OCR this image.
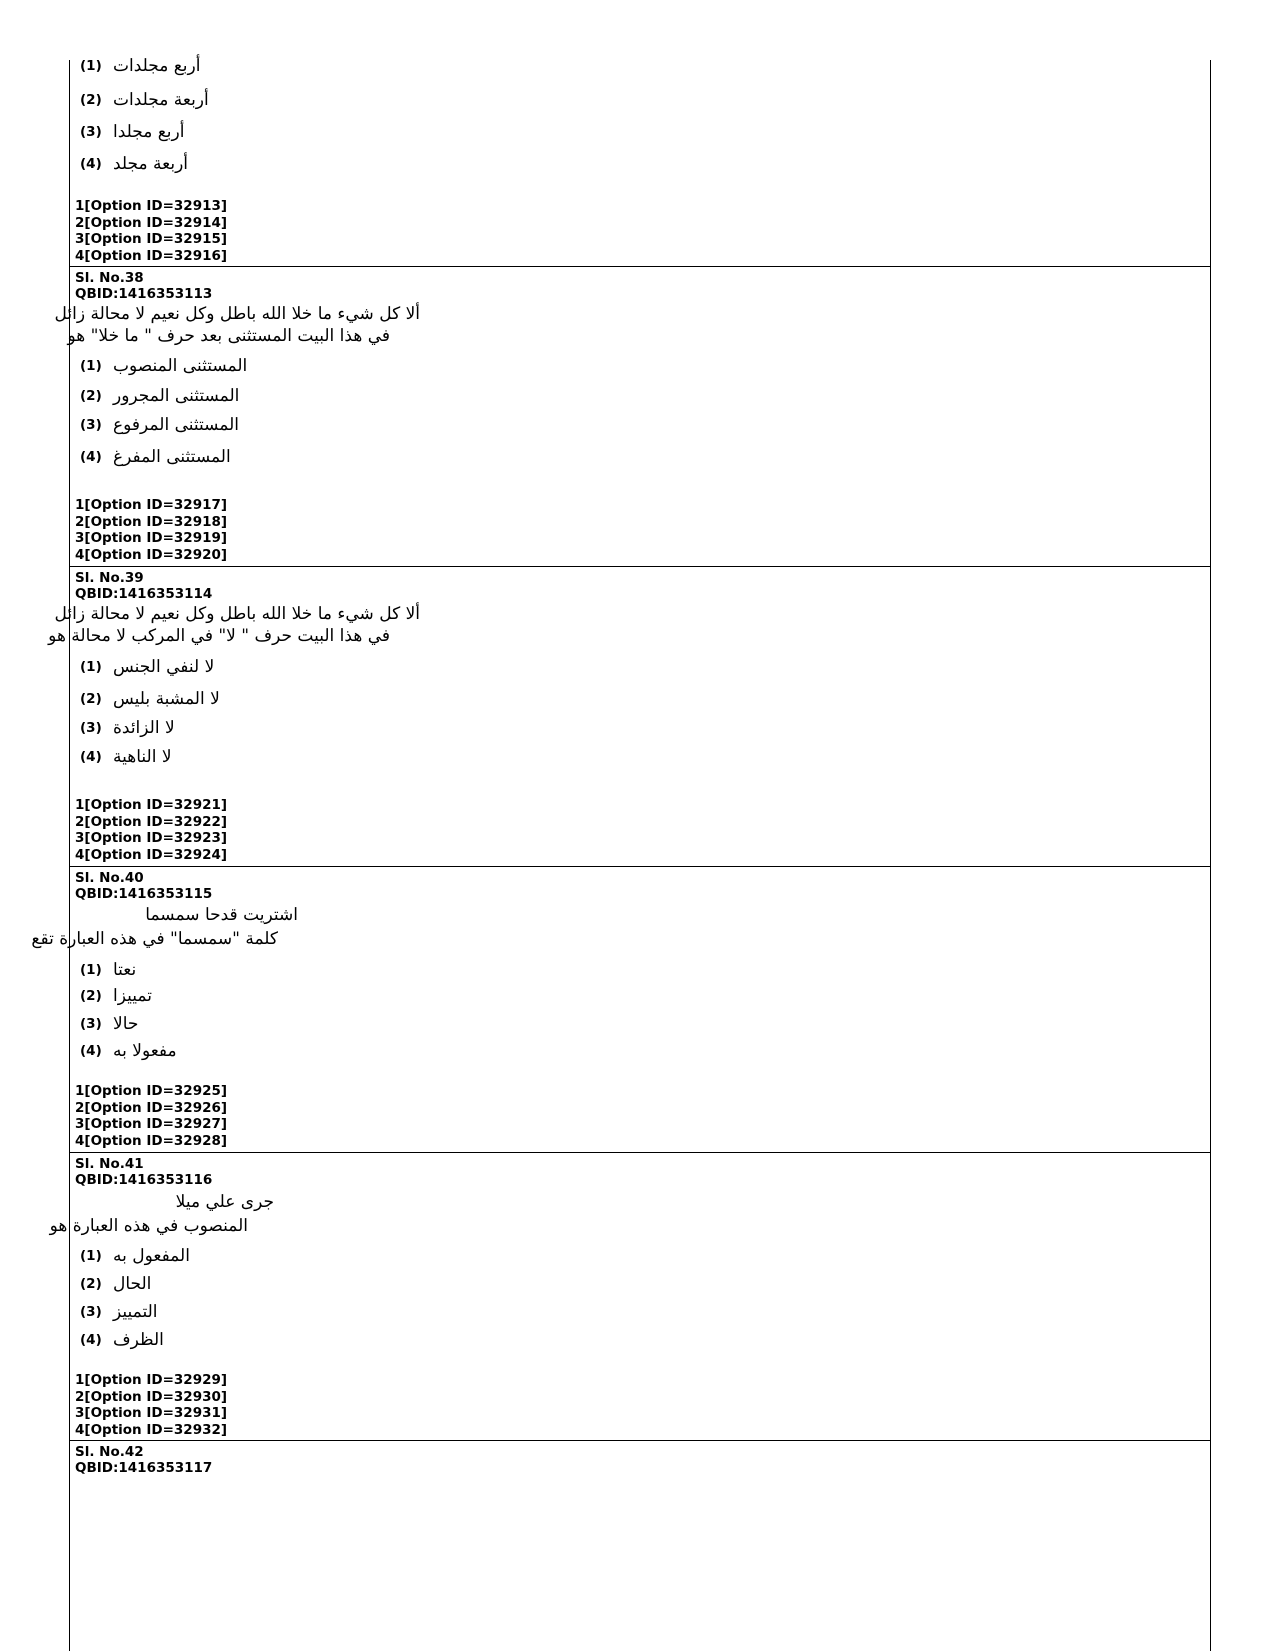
(1) أربع مجلدات
(2) أربعة مجلدات
(3) أربع مجلدا
(4) أربعة مجلد
1[Option ID=32913]
2[Option ID=32914]
3[Option ID=32915]
4[Option ID=32916]
Sl. No.38
QBID:1416353113
ألا كل شيء ما خلا الله باطل وكل نعيم لا محالة زائل
في هذا البيت المستثنى بعد حرف " ما خلا" هو
(1) المستثنى المنصوب
(2) المستثنى المجرور
(3) المستثنى المرفوع
(4) المستثنى المفرغ
1[Option ID=32917]
2[Option ID=32918]
3[Option ID=32919]
4[Option ID=32920]
Sl. No.39
QBID:1416353114
ألا كل شيء ما خلا الله باطل وكل نعيم لا محالة زائل
في هذا البيت حرف " لا" في المركب لا محالة هو
(1) لا لنفي الجنس
(2) لا المشبة بليس
(3) لا الزائدة
(4) لا الناهية
1[Option ID=32921]
2[Option ID=32922]
3[Option ID=32923]
4[Option ID=32924]
Sl. No.40
QBID:1416353115
اشتريت قدحا سمسما
كلمة "سمسما" في هذه العبارة تقع
(1) نعتا
(2) تمييزا
(3) حالا
(4) مفعولا به
1[Option ID=32925]
2[Option ID=32926]
3[Option ID=32927]
4[Option ID=32928]
Sl. No.41
QBID:1416353116
جرى علي ميلا
المنصوب في هذه العبارة هو
(1) المفعول به
(2) الحال
(3) التمييز
(4) الظرف
1[Option ID=32929]
2[Option ID=32930]
3[Option ID=32931]
4[Option ID=32932]
Sl. No.42
QBID:1416353117
